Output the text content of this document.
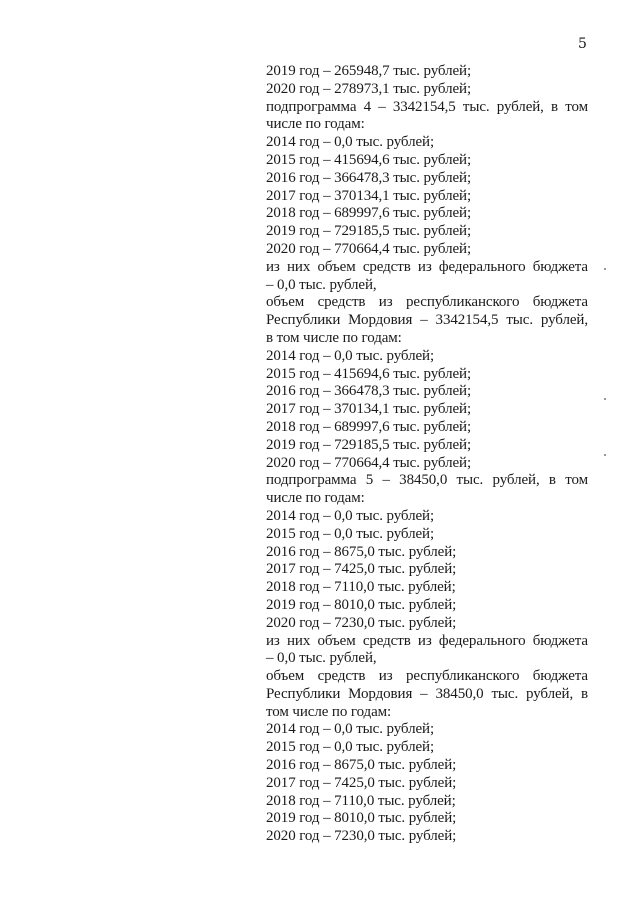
5
2019 год – 265948,7 тыс. рублей;
2020 год – 278973,1 тыс. рублей;
подпрограмма 4 – 3342154,5 тыс. рублей, в том
числе по годам:
2014 год – 0,0 тыс. рублей;
2015 год – 415694,6 тыс. рублей;
2016 год – 366478,3 тыс. рублей;
2017 год – 370134,1 тыс. рублей;
2018 год – 689997,6 тыс. рублей;
2019 год – 729185,5 тыс. рублей;
2020 год – 770664,4 тыс. рублей;
из них объем средств из федерального бюджета
– 0,0 тыс. рублей,
объем средств из республиканского бюджета
Республики Мордовия – 3342154,5 тыс. рублей,
в том числе по годам:
2014 год – 0,0 тыс. рублей;
2015 год – 415694,6 тыс. рублей;
2016 год – 366478,3 тыс. рублей;
2017 год – 370134,1 тыс. рублей;
2018 год – 689997,6 тыс. рублей;
2019 год – 729185,5 тыс. рублей;
2020 год – 770664,4 тыс. рублей;
подпрограмма 5 – 38450,0 тыс. рублей, в том
числе по годам:
2014 год – 0,0 тыс. рублей;
2015 год – 0,0 тыс. рублей;
2016 год – 8675,0 тыс. рублей;
2017 год – 7425,0 тыс. рублей;
2018 год – 7110,0 тыс. рублей;
2019 год – 8010,0 тыс. рублей;
2020 год – 7230,0 тыс. рублей;
из них объем средств из федерального бюджета
– 0,0 тыс. рублей,
объем средств из республиканского бюджета
Республики Мордовия – 38450,0 тыс. рублей, в
том числе по годам:
2014 год – 0,0 тыс. рублей;
2015 год – 0,0 тыс. рублей;
2016 год – 8675,0 тыс. рублей;
2017 год – 7425,0 тыс. рублей;
2018 год – 7110,0 тыс. рублей;
2019 год – 8010,0 тыс. рублей;
2020 год – 7230,0 тыс. рублей;
